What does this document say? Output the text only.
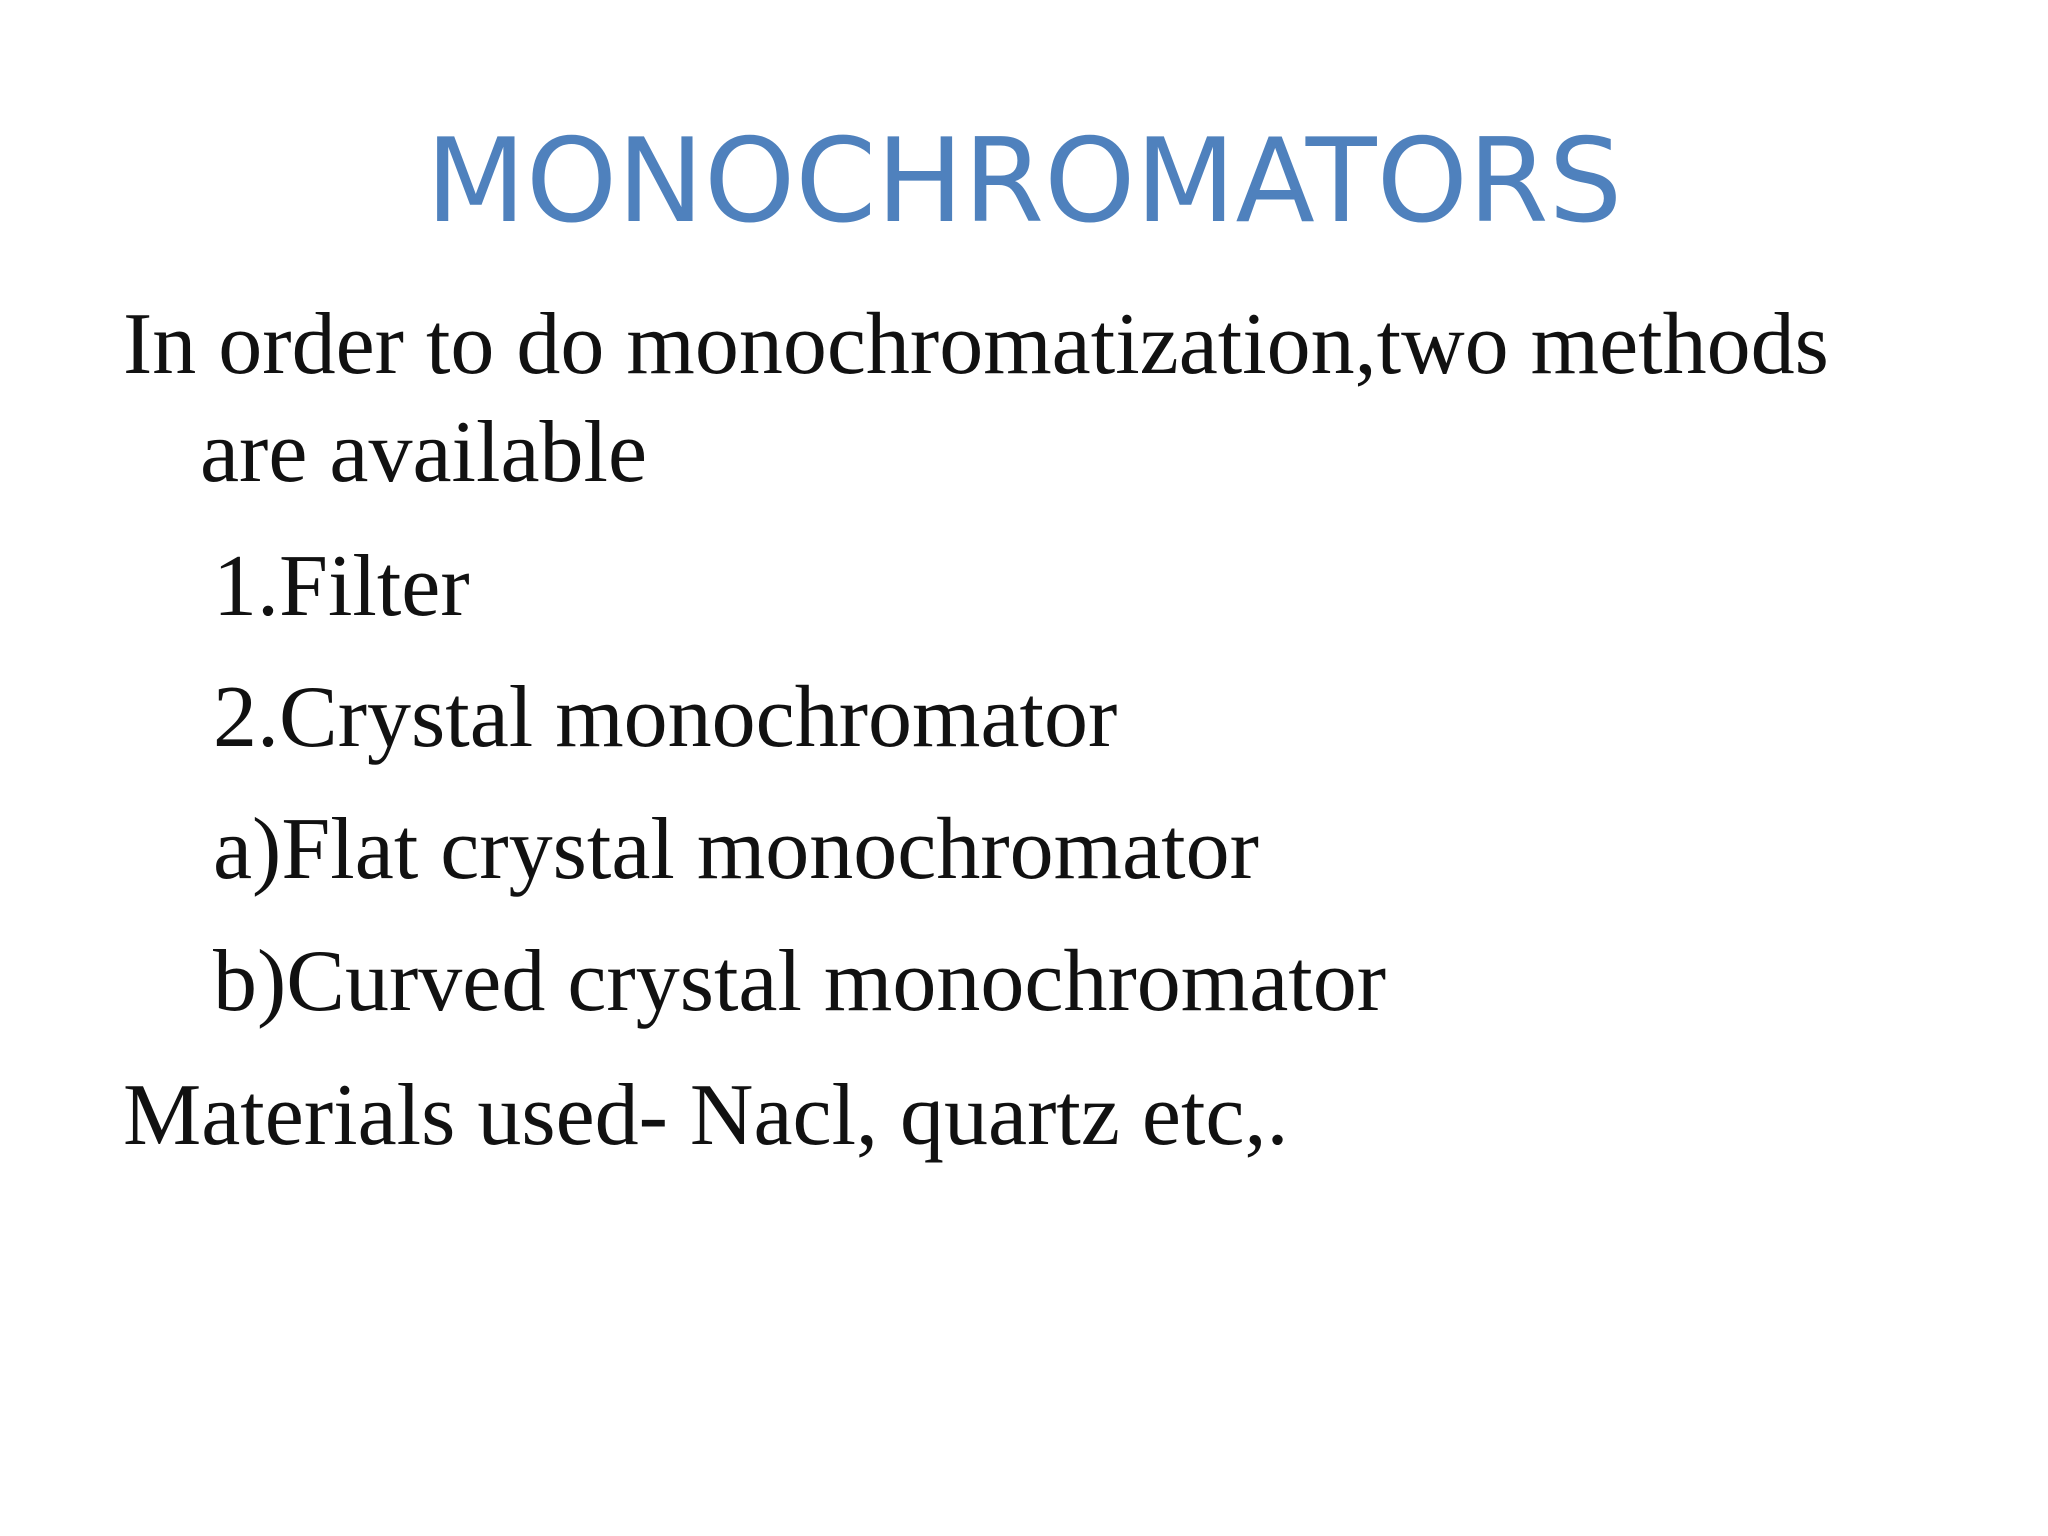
MONOCHROMATORS
In order to do monochromatization,two methods
are available
1.Filter
2.Crystal monochromator
a)Flat crystal monochromator
b)Curved crystal monochromator
Materials used- Nacl, quartz etc,.
